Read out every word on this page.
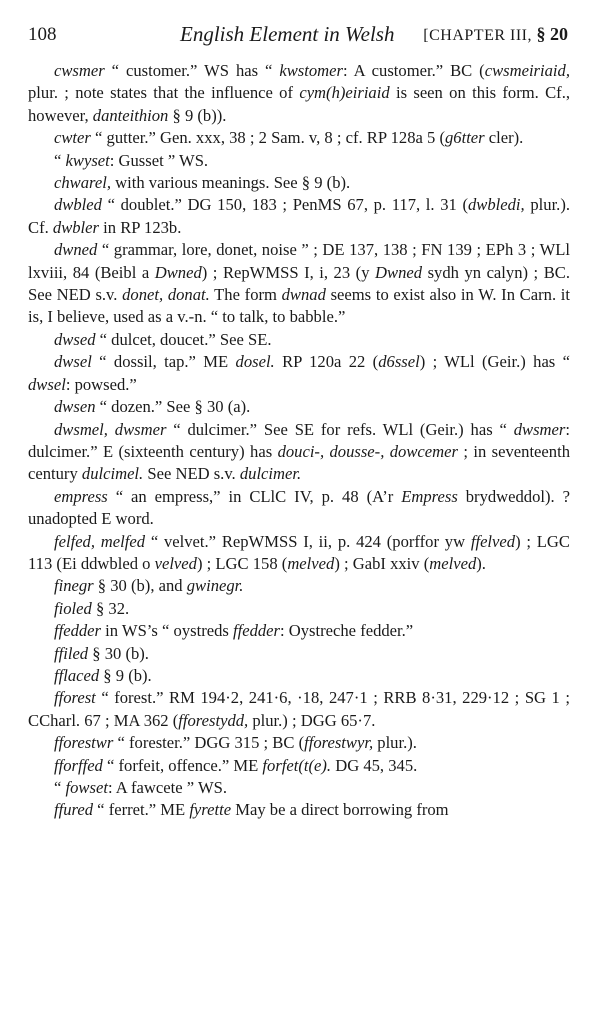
108	English Element in Welsh [CHAPTER III, § 20

cwsmer “ customer.” WS has “ kwstomer: A customer.” BC (cwsmeiriaid, plur. ; note states that the influence of cym(h)eiriaid is seen on this form. Cf., however, danteithion § 9 (b)).

cwter “ gutter.” Gen. xxx, 38 ; 2 Sam. v, 8 ; cf. RP 128a 5 (g6tter cler).

“ kwyset: Gusset ” WS.

chwarel, with various meanings. See § 9 (b).

dwbled “ doublet.” DG 150, 183 ; PenMS 67, p. 117, l. 31 (dwbledi, plur.). Cf. dwbler in RP 123b.

dwned “ grammar, lore, donet, noise ” ; DE 137, 138 ; FN 139 ; EPh 3 ; WLl lxviii, 84 (Beibl a Dwned) ; RepWMSS I, i, 23 (y Dwned sydh yn calyn) ; BC. See NED s.v. donet, donat. The form dwnad seems to exist also in W. In Carn. it is, I believe, used as a v.-n. “ to talk, to babble.”

dwsed “ dulcet, doucet.” See SE.

dwsel “ dossil, tap.” ME dosel. RP 120a 22 (d6ssel) ; WLl (Geir.) has “ dwsel: powsed.”

dwsen “ dozen.” See § 30 (a).

dwsmel, dwsmer “ dulcimer.” See SE for refs. WLl (Geir.) has “ dwsmer: dulcimer.” E (sixteenth century) has douci-, dousse-, dowcemer ; in seventeenth century dulcimel. See NED s.v. dulcimer.

empress “ an empress,” in CLlC IV, p. 48 (A’r Empress brydweddol). ? unadopted E word.

felfed, melfed “ velvet.” RepWMSS I, ii, p. 424 (porffor yw ffelved) ; LGC 113 (Ei ddwbled o velved) ; LGC 158 (melved) ; GabI xxiv (melved).

finegr § 30 (b), and gwinegr.

fioled § 32.

ffedder in WS’s “ oystreds ffedder: Oystreche fedder.”

ffiled § 30 (b).

fflaced § 9 (b).

fforest “ forest.” RM 194·2, 241·6, ·18, 247·1 ; RRB 8·31, 229·12 ; SG 1 ; CCharl. 67 ; MA 362 (fforestydd, plur.) ; DGG 65·7.

fforestwr “ forester.” DGG 315 ; BC (fforestwyr, plur.).

fforffed “ forfeit, offence.” ME forfet(t(e). DG 45, 345.

“ fowset: A fawcete ” WS.

ffured “ ferret.” ME fyrette May be a direct borrowing from
